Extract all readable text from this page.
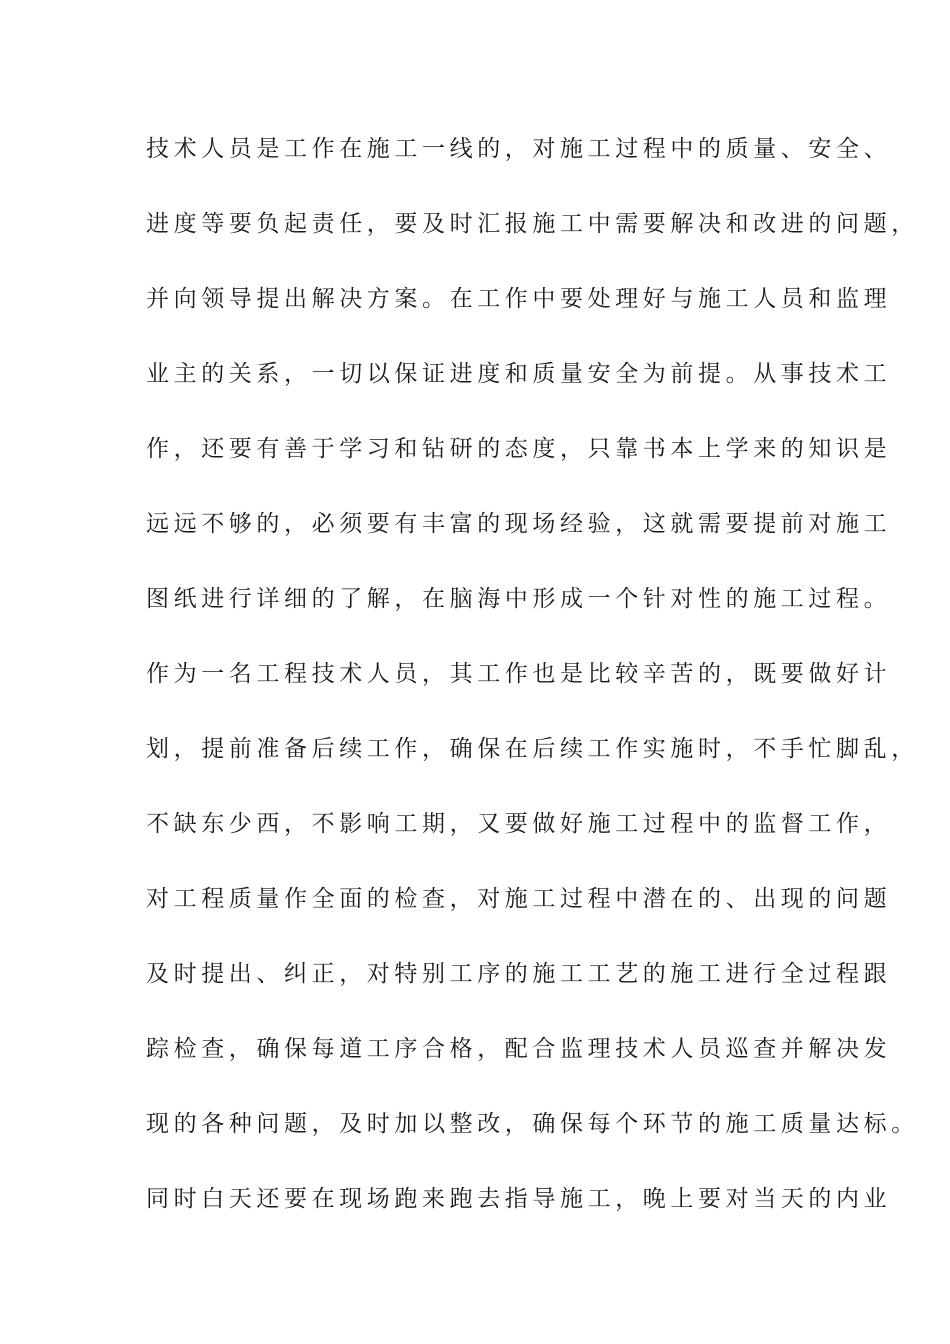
技术人员是工作在施工一线的，对施工过程中的质量、安全、
进度等要负起责任，要及时汇报施工中需要解决和改进的问题，
并向领导提出解决方案。在工作中要处理好与施工人员和监理
业主的关系，一切以保证进度和质量安全为前提。从事技术工
作，还要有善于学习和钻研的态度，只靠书本上学来的知识是
远远不够的，必须要有丰富的现场经验，这就需要提前对施工
图纸进行详细的了解，在脑海中形成一个针对性的施工过程。
作为一名工程技术人员，其工作也是比较辛苦的，既要做好计
划，提前准备后续工作，确保在后续工作实施时，不手忙脚乱，
不缺东少西，不影响工期，又要做好施工过程中的监督工作，
对工程质量作全面的检查，对施工过程中潜在的、出现的问题
及时提出、纠正，对特别工序的施工工艺的施工进行全过程跟
踪检查，确保每道工序合格，配合监理技术人员巡查并解决发
现的各种问题，及时加以整改，确保每个环节的施工质量达标。
同时白天还要在现场跑来跑去指导施工，晚上要对当天的内业
